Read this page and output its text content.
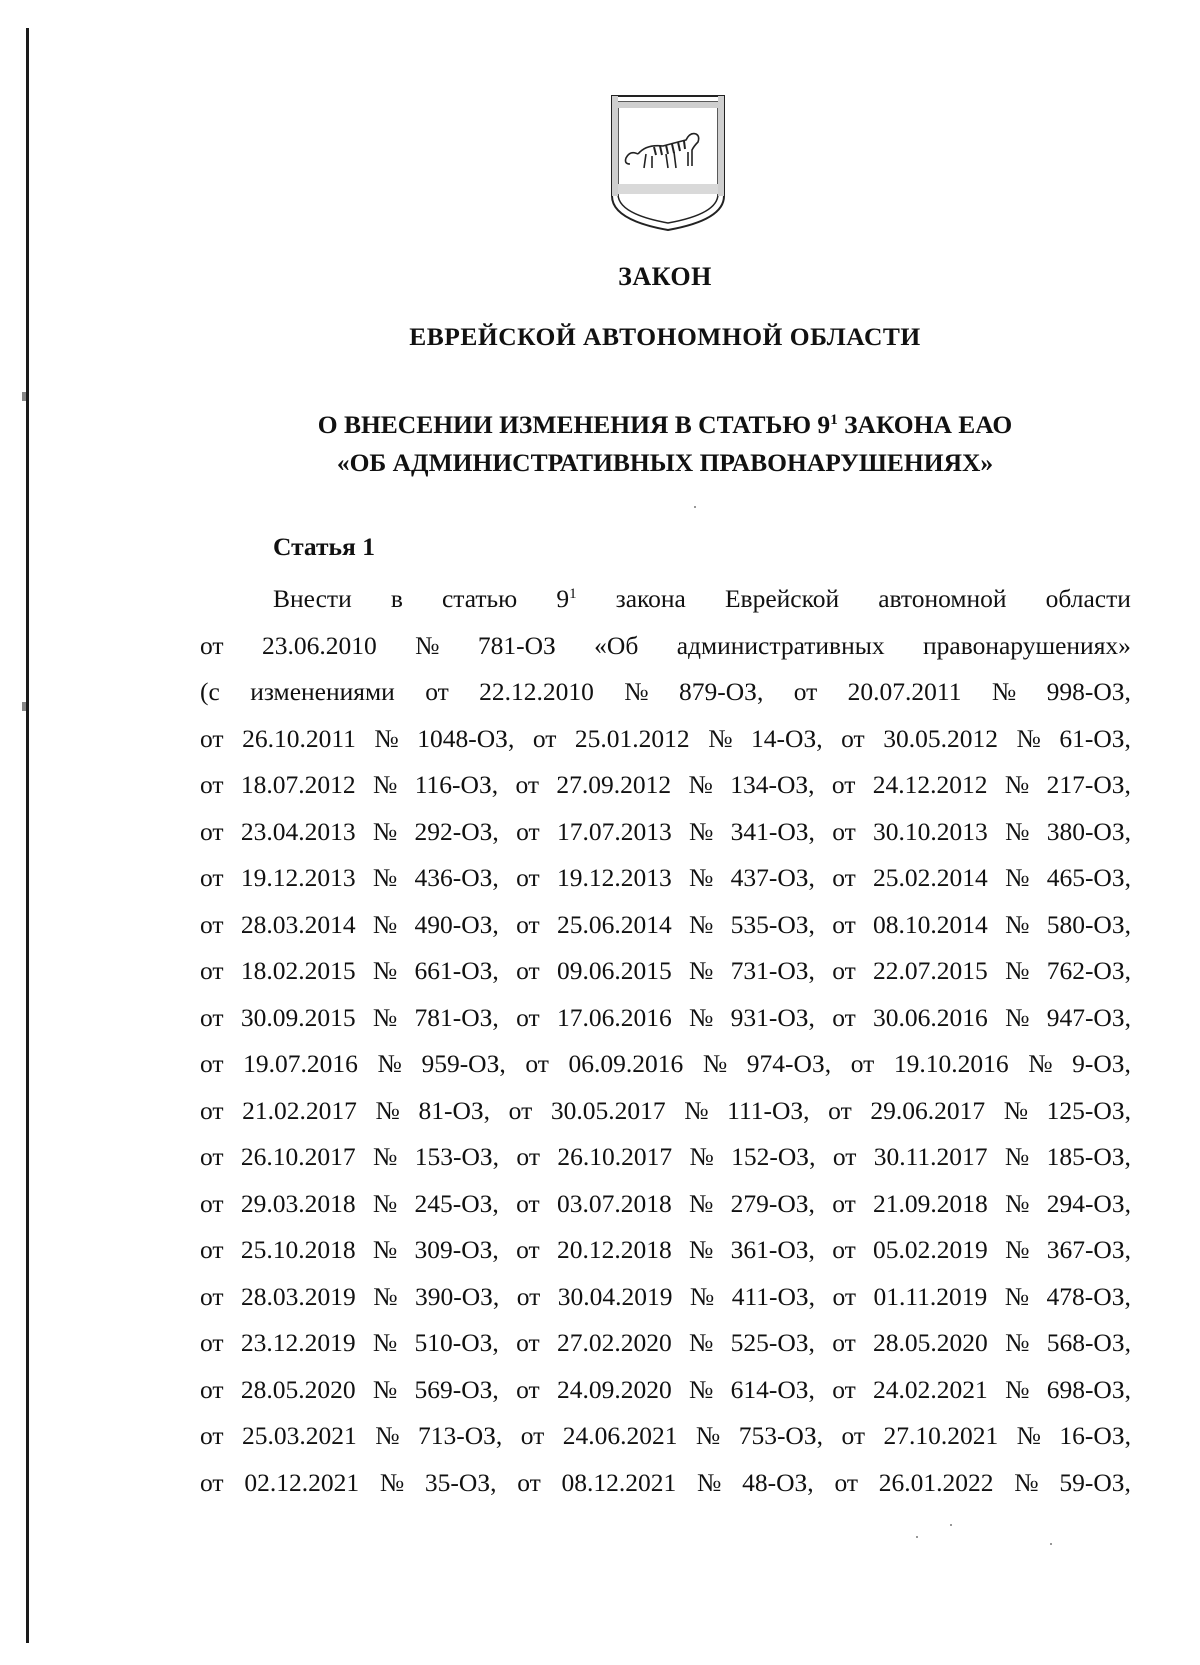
ЗАКОН
ЕВРЕЙСКОЙ АВТОНОМНОЙ ОБЛАСТИ
О ВНЕСЕНИИ ИЗМЕНЕНИЯ В СТАТЬЮ $9^1$ ЗАКОНА ЕАО
«ОБ АДМИНИСТРАТИВНЫХ ПРАВОНАРУШЕНИЯХ»
Статья 1
Внести в статью $9^1$ закона Еврейской автономной области
от 23.06.2010 № 781-ОЗ «Об административных правонарушениях»
(с изменениями от 22.12.2010 № 879-ОЗ, от 20.07.2011 № 998-ОЗ,
от 26.10.2011 № 1048-ОЗ, от 25.01.2012 № 14-ОЗ, от 30.05.2012 № 61-ОЗ,
от 18.07.2012 № 116-ОЗ, от 27.09.2012 № 134-ОЗ, от 24.12.2012 № 217-ОЗ,
от 23.04.2013 № 292-ОЗ, от 17.07.2013 № 341-ОЗ, от 30.10.2013 № 380-ОЗ,
от 19.12.2013 № 436-ОЗ, от 19.12.2013 № 437-ОЗ, от 25.02.2014 № 465-ОЗ,
от 28.03.2014 № 490-ОЗ, от 25.06.2014 № 535-ОЗ, от 08.10.2014 № 580-ОЗ,
от 18.02.2015 № 661-ОЗ, от 09.06.2015 № 731-ОЗ, от 22.07.2015 № 762-ОЗ,
от 30.09.2015 № 781-ОЗ, от 17.06.2016 № 931-ОЗ, от 30.06.2016 № 947-ОЗ,
от 19.07.2016 № 959-ОЗ, от 06.09.2016 № 974-ОЗ, от 19.10.2016 № 9-ОЗ,
от 21.02.2017 № 81-ОЗ, от 30.05.2017 № 111-ОЗ, от 29.06.2017 № 125-ОЗ,
от 26.10.2017 № 153-ОЗ, от 26.10.2017 № 152-ОЗ, от 30.11.2017 № 185-ОЗ,
от 29.03.2018 № 245-ОЗ, от 03.07.2018 № 279-ОЗ, от 21.09.2018 № 294-ОЗ,
от 25.10.2018 № 309-ОЗ, от 20.12.2018 № 361-ОЗ, от 05.02.2019 № 367-ОЗ,
от 28.03.2019 № 390-ОЗ, от 30.04.2019 № 411-ОЗ, от 01.11.2019 № 478-ОЗ,
от 23.12.2019 № 510-ОЗ, от 27.02.2020 № 525-ОЗ, от 28.05.2020 № 568-ОЗ,
от 28.05.2020 № 569-ОЗ, от 24.09.2020 № 614-ОЗ, от 24.02.2021 № 698-ОЗ,
от 25.03.2021 № 713-ОЗ, от 24.06.2021 № 753-ОЗ, от 27.10.2021 № 16-ОЗ,
от 02.12.2021 № 35-ОЗ, от 08.12.2021 № 48-ОЗ, от 26.01.2022 № 59-ОЗ,
